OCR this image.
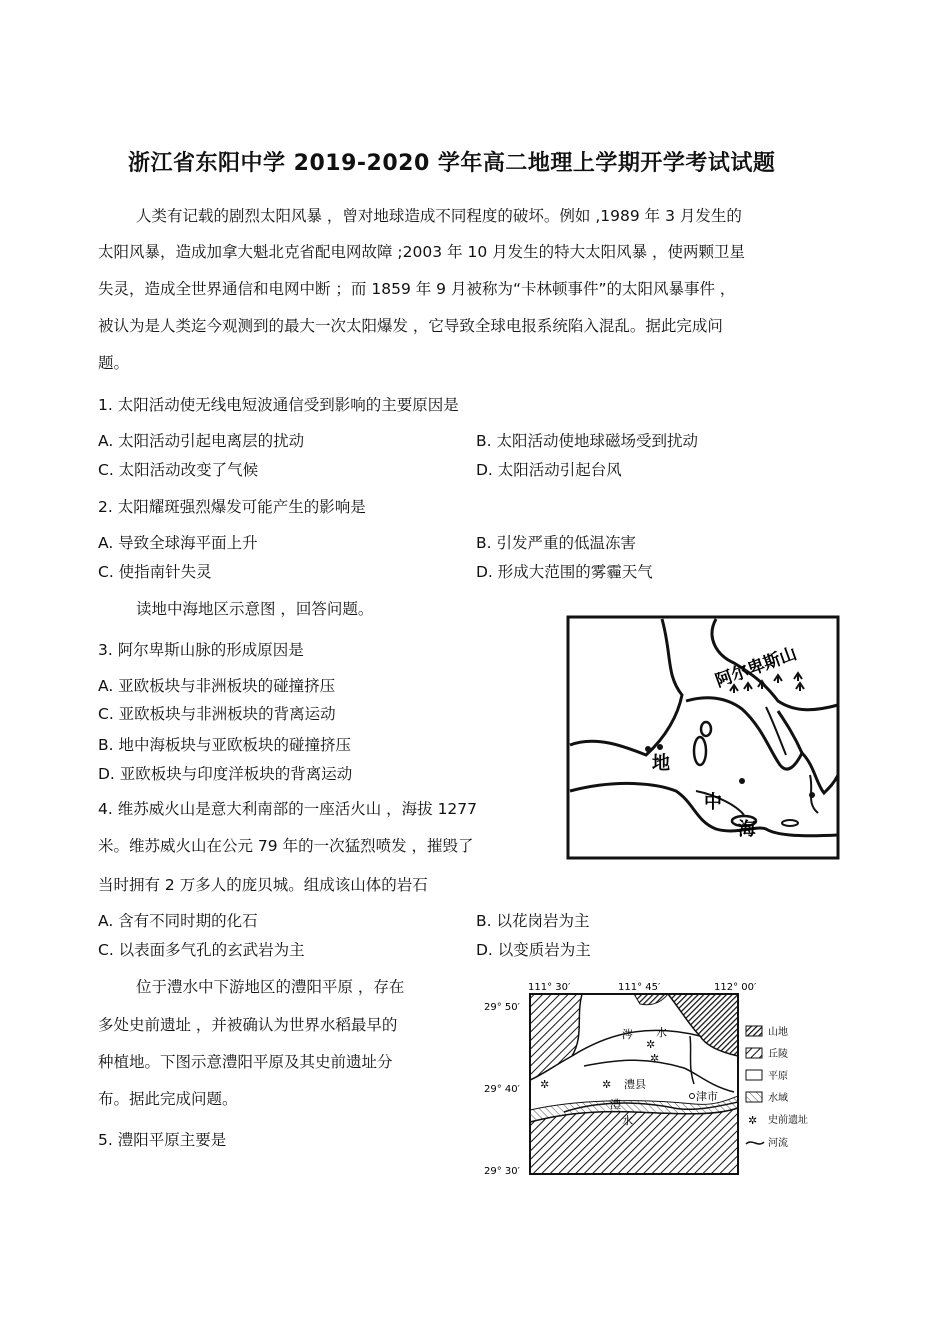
浙江省东阳中学 2019-2020 学年高二地理上学期开学考试试题
人类有记载的剧烈太阳风暴 ，曾对地球造成不同程度的破坏。例如 ,1989 年 3 月发生的
太阳风暴，造成加拿大魁北克省配电网故障 ;2003 年 10 月发生的特大太阳风暴 ，使两颗卫星
失灵，造成全世界通信和电网中断 ；而 1859 年 9 月被称为“卡林顿事件”的太阳风暴事件 ，
被认为是人类迄今观测到的最大一次太阳爆发 ，它导致全球电报系统陷入混乱。据此完成问
题。
1. 太阳活动使无线电短波通信受到影响的主要原因是
A. 太阳活动引起电离层的扰动	B. 太阳活动使地球磁场受到扰动
C. 太阳活动改变了气候	D. 太阳活动引起台风
2. 太阳耀斑强烈爆发可能产生的影响是
A. 导致全球海平面上升	B. 引发严重的低温冻害
C. 使指南针失灵	D. 形成大范围的雾霾天气
读地中海地区示意图 ，回答问题。
3. 阿尔卑斯山脉的形成原因是
A. 亚欧板块与非洲板块的碰撞挤压
C. 亚欧板块与非洲板块的背离运动
B. 地中海板块与亚欧板块的碰撞挤压
D. 亚欧板块与印度洋板块的背离运动
阿尔卑斯山
地
中
海
4. 维苏威火山是意大利南部的一座活火山 ，海拔 1277
米。维苏威火山在公元 79 年的一次猛烈喷发 ，摧毁了
当时拥有 2 万多人的庞贝城。组成该山体的岩石
A. 含有不同时期的化石	B. 以花岗岩为主
C. 以表面多气孔的玄武岩为主	D. 以变质岩为主
位于澧水中下游地区的澧阳平原 ，存在
多处史前遗址 ，并被确认为世界水稻最早的
种植地。下图示意澧阳平原及其史前遗址分
布。据此完成问题。
5. 澧阳平原主要是
111° 30′	111° 45′	112° 00′
29° 50′
29° 40′
29° 30′
✲
✲
✲	✲
涔 水
澧县
津市
澧
水
山地
丘陵
平原
水域
✲ 史前遗址
河流
